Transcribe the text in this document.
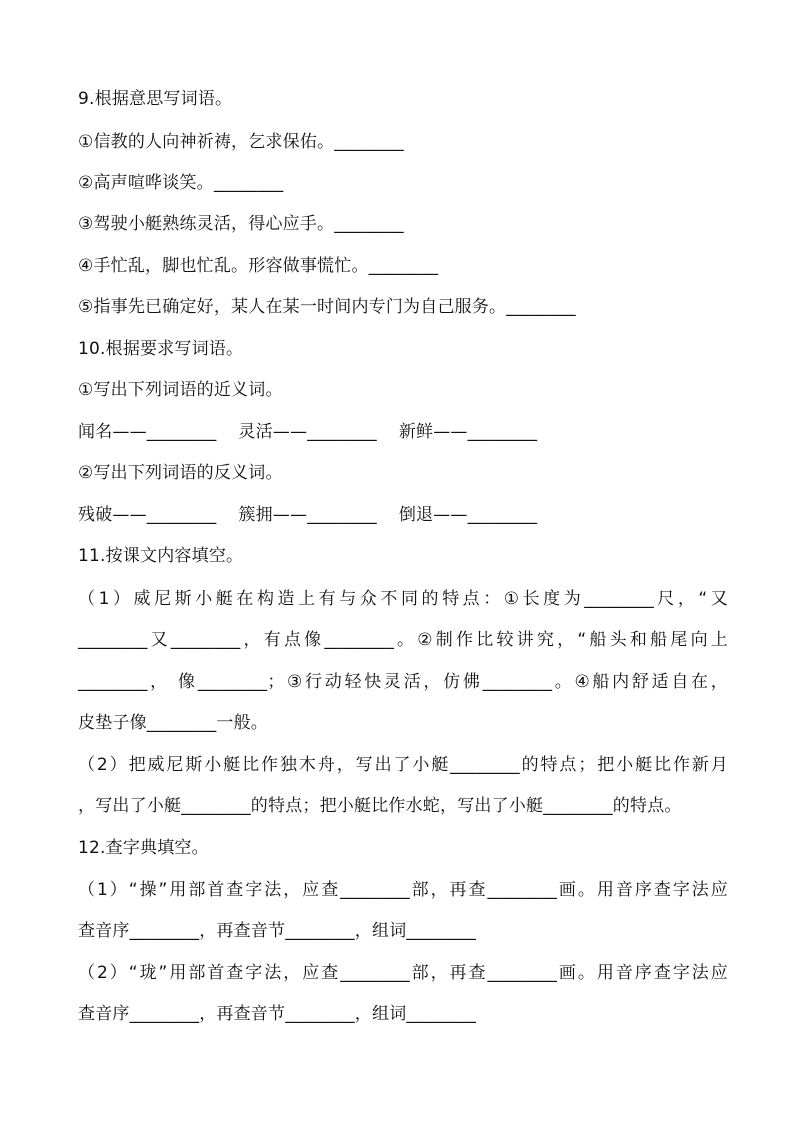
9.根据意思写词语。
①信教的人向神祈祷，乞求保佑。________
②高声喧哗谈笑。________
③驾驶小艇熟练灵活，得心应手。________
④手忙乱，脚也忙乱。形容做事慌忙。________
⑤指事先已确定好，某人在某一时间内专门为自己服务。________
10.根据要求写词语。
①写出下列词语的近义词。
闻名——________ 灵活——________ 新鲜——________
②写出下列词语的反义词。
残破——________ 簇拥——________ 倒退——________
11.按课文内容填空。
（1）威尼斯小艇在构造上有与众不同的特点：①长度为________尺，“又
________又________，有点像________。②制作比较讲究，“船头和船尾向上
________， 像________；③行动轻快灵活，仿佛________。④船内舒适自在，
皮垫子像________一般。
（2）把威尼斯小艇比作独木舟，写出了小艇________的特点；把小艇比作新月
，写出了小艇________的特点；把小艇比作水蛇，写出了小艇________的特点。
12.查字典填空。
（1）“操”用部首查字法，应查________部，再查________画。用音序查字法应
查音序________，再查音节________，组词________
（2）“珑”用部首查字法，应查________部，再查________画。用音序查字法应
查音序________，再查音节________，组词________
